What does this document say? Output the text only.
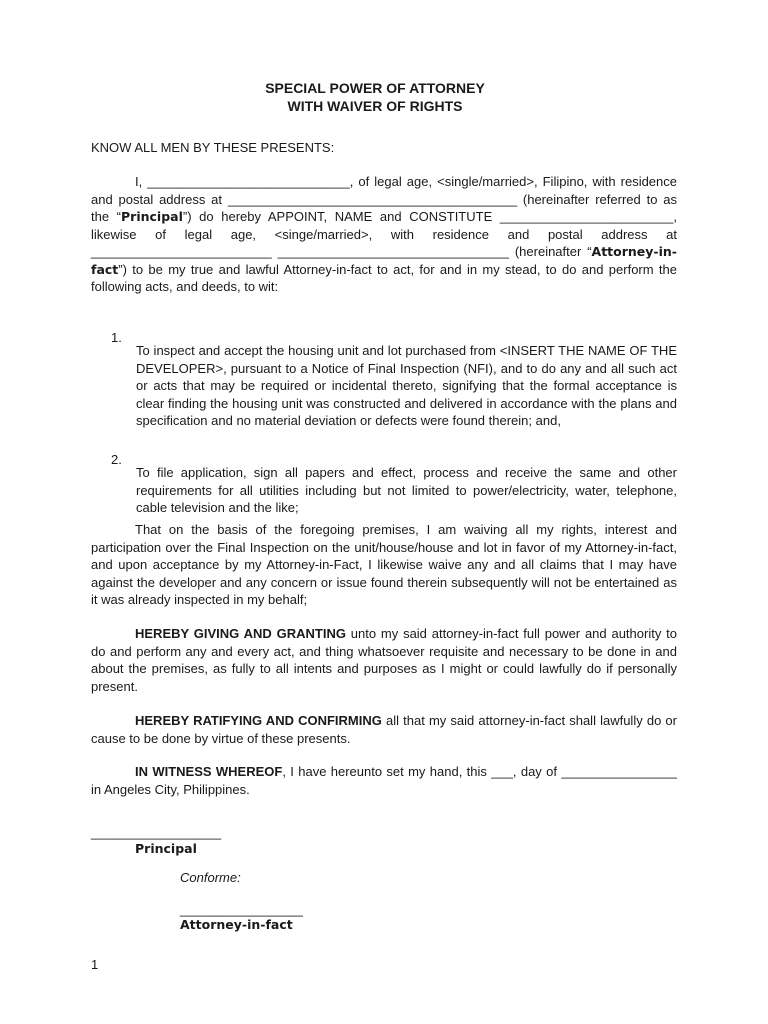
SPECIAL POWER OF ATTORNEY
WITH WAIVER OF RIGHTS

KNOW ALL MEN BY THESE PRESENTS:

I, ____________________________, of legal age, <single/married>, Filipino, with residence and postal address at ________________________________________ (hereinafter referred to as the “Principal”) do hereby APPOINT, NAME and CONSTITUTE ________________________, likewise of legal age, <singe/married>, with residence and postal address at _________________________ ________________________________ (hereinafter “Attorney-in-fact”) to be my true and lawful Attorney-in-fact to act, for and in my stead, to do and perform the following acts, and deeds, to wit:

1.

To inspect and accept the housing unit and lot purchased from <INSERT THE NAME OF THE DEVELOPER>, pursuant to a Notice of Final Inspection (NFI), and to do any and all such act or acts that may be required or incidental thereto, signifying that the formal acceptance is clear finding the housing unit was constructed and delivered in accordance with the plans and specification and no material deviation or defects were found therein; and,

2.

To file application, sign all papers and effect, process and receive the same and other requirements for all utilities including but not limited to power/electricity, water, telephone, cable television and the like;

That on the basis of the foregoing premises, I am waiving all my rights, interest and participation over the Final Inspection on the unit/house/house and lot in favor of my Attorney-in-fact, and upon acceptance by my Attorney-in-Fact, I likewise waive any and all claims that I may have against the developer and any concern or issue found therein subsequently will not be entertained as it was already inspected in my behalf;

HEREBY GIVING AND GRANTING unto my said attorney-in-fact full power and authority to do and perform any and every act, and thing whatsoever requisite and necessary to be done in and about the premises, as fully to all intents and purposes as I might or could lawfully do if personally present.

HEREBY RATIFYING AND CONFIRMING all that my said attorney-in-fact shall lawfully do or cause to be done by virtue of these presents.

IN WITNESS WHEREOF, I have hereunto set my hand, this ___, day of ________________ in Angeles City, Philippines.

__________________
Principal
Conforme:
_________________
Attorney-in-fact
1
